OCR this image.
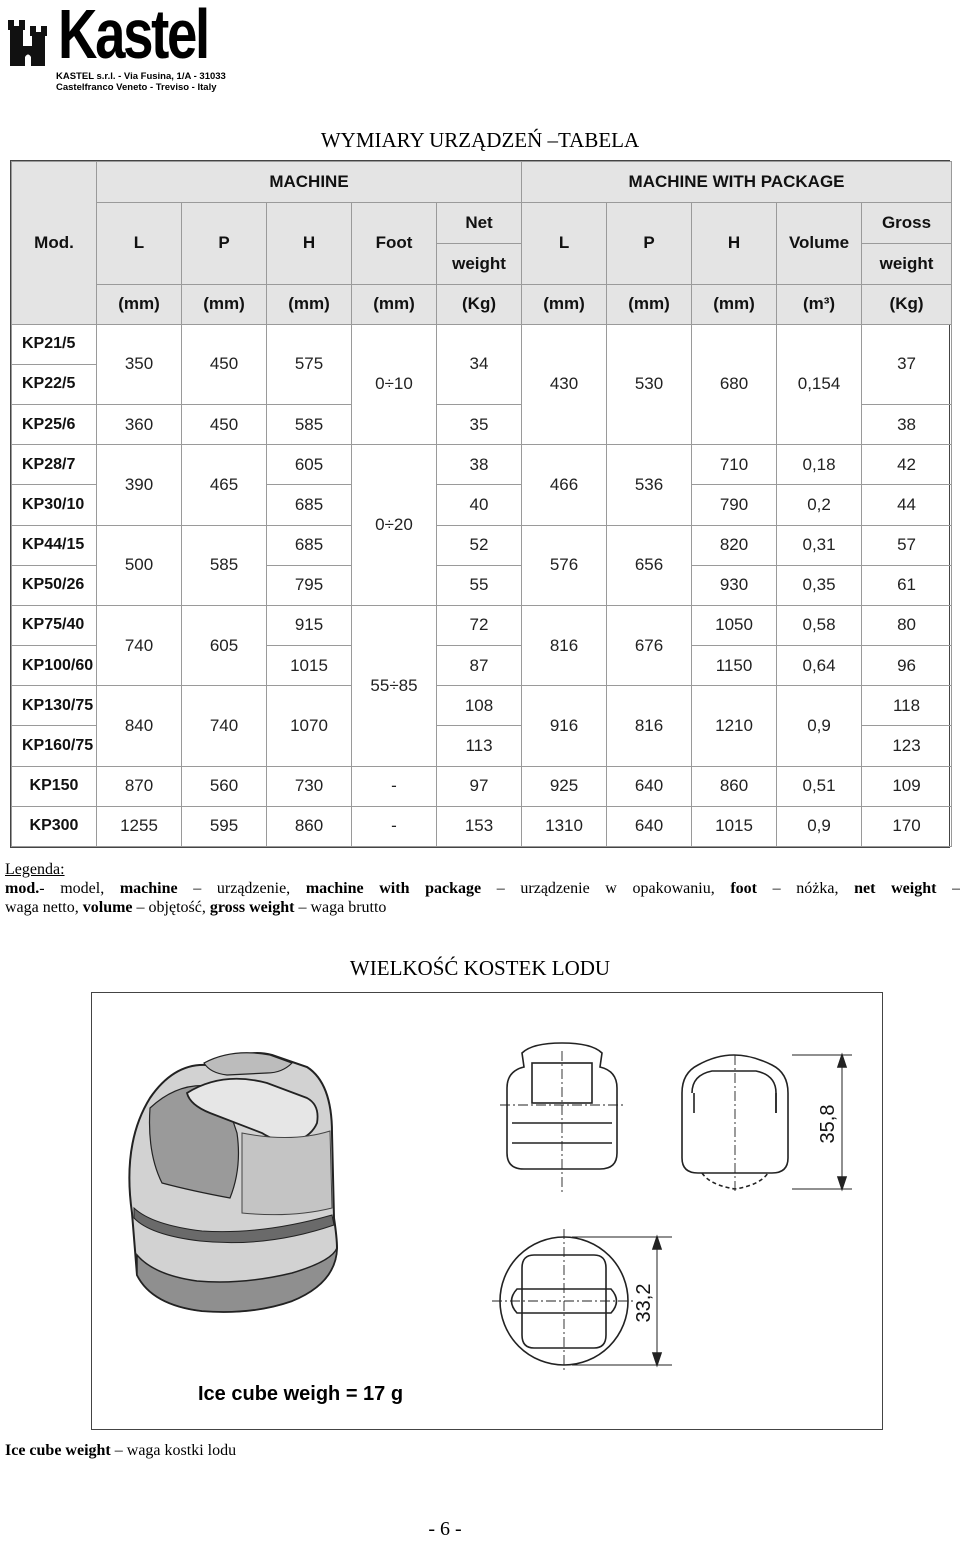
Kastel
KASTEL s.r.l. - Via Fusina, 1/A - 31033
Castelfranco Veneto - Treviso - Italy
WYMIARY URZĄDZEŃ –TABELA
Mod.	MACHINE					MACHINE WITH PACKAGE				
	L	P	H	Foot	Net	L	P	H	Volume	Gross
					weight					weight
	(mm)	(mm)	(mm)	(mm)	(Kg)	(mm)	(mm)	(mm)	(m³)	(Kg)
KP21/5	350	450	575	0÷10	34	430	530	680	0,154	37
KP22/5										
KP25/6	360	450	585		35					38
KP28/7	390	465	605	0÷20	38	466	536	710	0,18	42
KP30/10			685		40			790	0,2	44
KP44/15	500	585	685		52	576	656	820	0,31	57
KP50/26			795		55			930	0,35	61
KP75/40	740	605	915	55÷85	72	816	676	1050	0,58	80
KP100/60			1015		87			1150	0,64	96
KP130/75	840	740	1070		108	916	816	1210	0,9	118
KP160/75					113					123
KP150	870	560	730	-	97	925	640	860	0,51	109
KP300	1255	595	860	-	153	1310	640	1015	0,9	170
Legenda:
mod.- model, machine – urządzenie, machine with package – urządzenie w opakowaniu, foot – nóżka, net weight –
waga netto, volume – objętość, gross weight – waga brutto
WIELKOŚĆ KOSTEK LODU
35,8
33,2
Ice cube weigh = 17 g
Ice cube weight – waga kostki lodu
- 6 -
